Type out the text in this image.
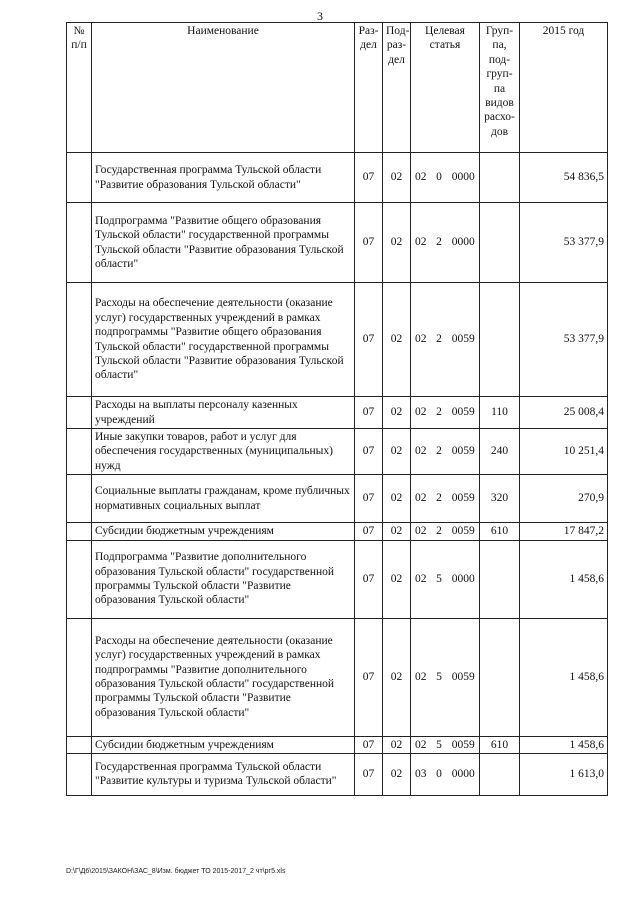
3
№ п/п	Наименование	Раз-дел	Под-раз-дел	Целевая статья			Груп-па, под-груп-па видов расхо-дов	2015 год
	Государственная программа Тульской области "Развитие образования Тульской области"	07	02	02	0	0000		54 836,5
	Подпрограмма "Развитие общего образования Тульской области" государственной программы Тульской области "Развитие образования Тульской области"	07	02	02	2	0000		53 377,9
	Расходы на обеспечение деятельности (оказание услуг) государственных учреждений в рамках подпрограммы "Развитие общего образования Тульской области" государственной программы Тульской области "Развитие образования Тульской области"	07	02	02	2	0059		53 377,9
	Расходы на выплаты персоналу казенных учреждений	07	02	02	2	0059	110	25 008,4
	Иные закупки товаров, работ и услуг для обеспечения государственных (муниципальных) нужд	07	02	02	2	0059	240	10 251,4
	Социальные выплаты гражданам, кроме публичных нормативных социальных выплат	07	02	02	2	0059	320	270,9
	Субсидии бюджетным учреждениям	07	02	02	2	0059	610	17 847,2
	Подпрограмма "Развитие дополнительного образования Тульской области" государственной программы Тульской области "Развитие образования Тульской области"	07	02	02	5	0000		1 458,6
	Расходы на обеспечение деятельности (оказание услуг) государственных учреждений в рамках подпрограммы "Развитие дополнительного образования Тульской области" государственной программы Тульской области "Развитие образования Тульской области"	07	02	02	5	0059		1 458,6
	Субсидии бюджетным учреждениям	07	02	02	5	0059	610	1 458,6
	Государственная программа Тульской области "Развитие культуры и туризма Тульской области"	07	02	03	0	0000		1 613,0
D:\Г\Д6\2015\ЗАКОН\ЗАС_8\Изм. бюджет ТО 2015-2017_2 чт\рг5.xls
